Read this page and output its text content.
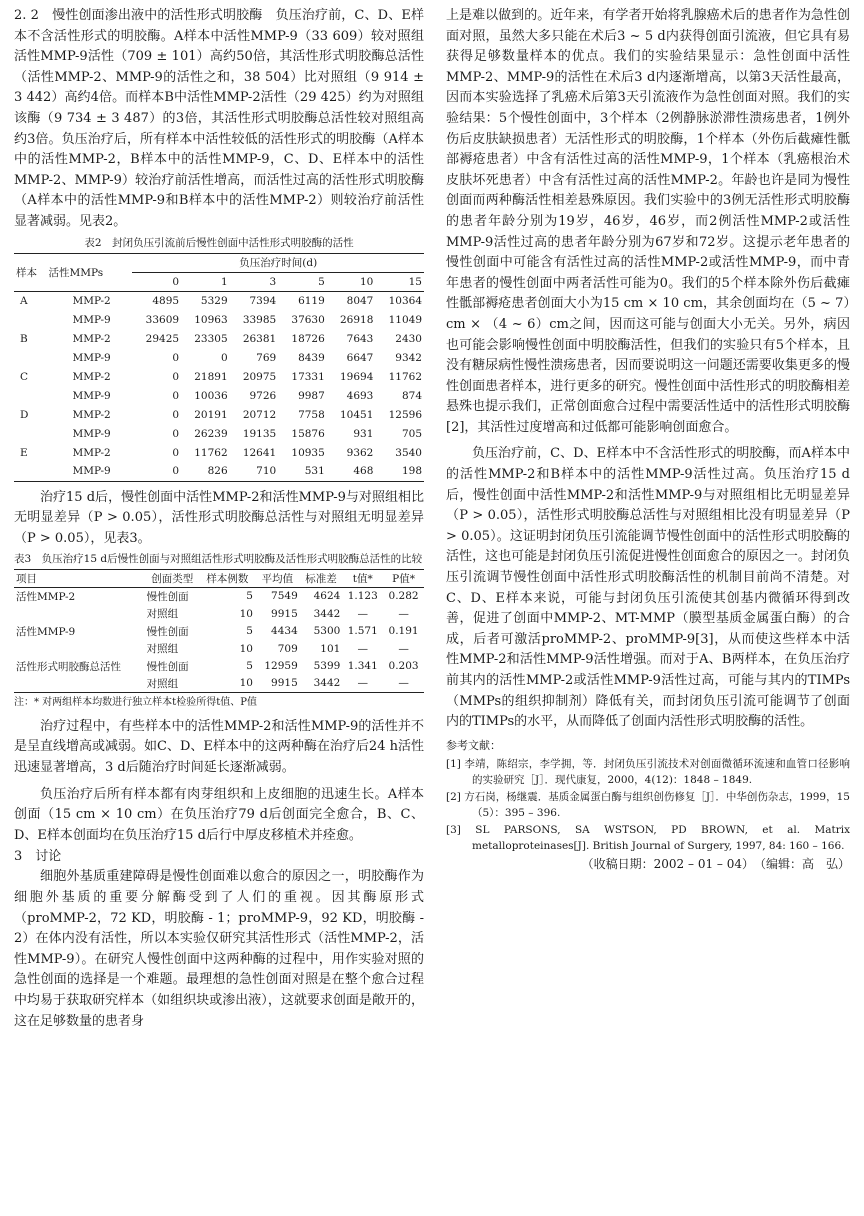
2. 2　慢性创面渗出液中的活性形式明胶酶　 负压治疗前，C、D、E样本不含活性形式的明胶酶。A样本中活性MMP-9（33 609）较对照组活性MMP-9活性（709 ± 101）高约50倍，其活性形式明胶酶总活性（活性MMP-2、MMP-9的活性之和，38 504）比对照组（9 914 ± 3 442）高约4倍。而样本B中活性MMP-2活性（29 425）约为对照组该酶（9 734 ± 3 487）的3倍，其活性形式明胶酶总活性较对照组高约3倍。负压治疗后，所有样本中活性较低的活性形式的明胶酶（A样本中的活性MMP-2，B样本中的活性MMP-9，C、D、E样本中的活性MMP-2、MMP-9）较治疗前活性增高，而活性过高的活性形式明胶酶（A样本中的活性MMP-9和B样本中的活性MMP-2）则较治疗前活性显著减弱。见表2。

表2　封闭负压引流前后慢性创面中活性形式明胶酶的活性
样本	活性MMPs	负压治疗时间(d)					
		0	1	3	5	10	15
A	MMP-2	4895	5329	7394	6119	8047	10364
	MMP-9	33609	10963	33985	37630	26918	11049
B	MMP-2	29425	23305	26381	18726	7643	2430
	MMP-9	0	0	769	8439	6647	9342
C	MMP-2	0	21891	20975	17331	19694	11762
	MMP-9	0	10036	9726	9987	4693	874
D	MMP-2	0	20191	20712	7758	10451	12596
	MMP-9	0	26239	19135	15876	931	705
E	MMP-2	0	11762	12641	10935	9362	3540
	MMP-9	0	826	710	531	468	198

治疗15 d后，慢性创面中活性MMP-2和活性MMP-9与对照组相比无明显差异（P > 0.05），活性形式明胶酶总活性与对照组无明显差异（P > 0.05），见表3。

表3　负压治疗15 d后慢性创面与对照组活性形式明胶酶及活性形式明胶酶总活性的比较
项目	创面类型	样本例数	平均值	标准差	t值*	P值*
活性MMP-2	慢性创面	5	7549	4624	1.123	0.282
	对照组	10	9915	3442	—	—
活性MMP-9	慢性创面	5	4434	5300	1.571	0.191
	对照组	10	709	101	—	—
活性形式明胶酶总活性	慢性创面	5	12959	5399	1.341	0.203
	对照组	10	9915	3442	—	—
注：* 对两组样本均数进行独立样本t检验所得t值、P值

治疗过程中，有些样本中的活性MMP-2和活性MMP-9的活性并不是呈直线增高或减弱。如C、D、E样本中的这两种酶在治疗后24 h活性迅速显著增高，3 d后随治疗时间延长逐渐减弱。

负压治疗后所有样本都有肉芽组织和上皮细胞的迅速生长。A样本创面（15 cm × 10 cm）在负压治疗79 d后创面完全愈合，B、C、D、E样本创面均在负压治疗15 d后行中厚皮移植术并痊愈。

3　讨论

细胞外基质重建障碍是慢性创面难以愈合的原因之一，明胶酶作为细胞外基质的重要分解酶受到了人们的重视。因其酶原形式（proMMP-2，72 KD，明胶酶 - 1；proMMP-9，92 KD，明胶酶 - 2）在体内没有活性，所以本实验仅研究其活性形式（活性MMP-2，活性MMP-9）。在研究人慢性创面中这两种酶的过程中，用作实验对照的急性创面的选择是一个难题。最理想的急性创面对照是在整个愈合过程中均易于获取研究样本（如组织块或渗出液），这就要求创面是敞开的，这在足够数量的患者身

上是难以做到的。近年来，有学者开始将乳腺癌术后的患者作为急性创面对照，虽然大多只能在术后3 ~ 5 d内获得创面引流液，但它具有易获得足够数量样本的优点。我们的实验结果显示：急性创面中活性MMP-2、MMP-9的活性在术后3 d内逐渐增高，以第3天活性最高，因而本实验选择了乳癌术后第3天引流液作为急性创面对照。我们的实验结果：5个慢性创面中，3个样本（2例静脉淤滞性溃疡患者，1例外伤后皮肤缺损患者）无活性形式的明胶酶，1个样本（外伤后截瘫性骶部褥疮患者）中含有活性过高的活性MMP-9，1个样本（乳癌根治术皮肤坏死患者）中含有活性过高的活性MMP-2。年龄也许是同为慢性创面而两种酶活性相差悬殊原因。我们实验中的3例无活性形式明胶酶的患者年龄分别为19岁，46岁，46岁，而2例活性MMP-2或活性MMP-9活性过高的患者年龄分别为67岁和72岁。这提示老年患者的慢性创面中可能含有活性过高的活性MMP-2或活性MMP-9，而中青年患者的慢性创面中两者活性可能为0。我们的5个样本除外伤后截瘫性骶部褥疮患者创面大小为15 cm × 10 cm，其余创面均在（5 ~ 7）cm × （4 ~ 6）cm之间，因而这可能与创面大小无关。另外，病因也可能会影响慢性创面中明胶酶活性，但我们的实验只有5个样本，且没有糖尿病性慢性溃疡患者，因而要说明这一问题还需要收集更多的慢性创面患者样本，进行更多的研究。慢性创面中活性形式的明胶酶相差悬殊也提示我们，正常创面愈合过程中需要活性适中的活性形式明胶酶[2]，其活性过度增高和过低都可能影响创面愈合。

负压治疗前，C、D、E样本中不含活性形式的明胶酶，而A样本中的活性MMP-2和B样本中的活性MMP-9活性过高。负压治疗15 d后，慢性创面中活性MMP-2和活性MMP-9与对照组相比无明显差异（P > 0.05），活性形式明胶酶总活性与对照组相比没有明显差异（P > 0.05）。这证明封闭负压引流能调节慢性创面中的活性形式明胶酶的活性，这也可能是封闭负压引流促进慢性创面愈合的原因之一。封闭负压引流调节慢性创面中活性形式明胶酶活性的机制目前尚不清楚。对C、D、E样本来说，可能与封闭负压引流使其创基内微循环得到改善，促进了创面中MMP-2、MT-MMP（膜型基质金属蛋白酶）的合成，后者可激活proMMP-2、proMMP-9[3]，从而使这些样本中活性MMP-2和活性MMP-9活性增强。而对于A、B两样本，在负压治疗前其内的活性MMP-2或活性MMP-9活性过高，可能与其内的TIMPs（MMPs的组织抑制剂）降低有关，而封闭负压引流可能调节了创面内的TIMPs的水平，从而降低了创面内活性形式明胶酶的活性。

参考文献：

[1] 李靖，陈绍宗，李学拥，等．封闭负压引流技术对创面微循环流速和血管口径影响的实验研究［J］．现代康复，2000，4(12)：1848 – 1849.

[2] 方石岗，杨继震．基质金属蛋白酶与组织创伤修复［J］．中华创伤杂志，1999，15（5）：395 – 396.

[3] SL PARSONS, SA WSTSON, PD BROWN, et al. Matrix metalloproteinases[J]. British Journal of Surgery, 1997, 84: 160 – 166.

（收稿日期：2002 – 01 – 04）　（编辑：高　弘）
